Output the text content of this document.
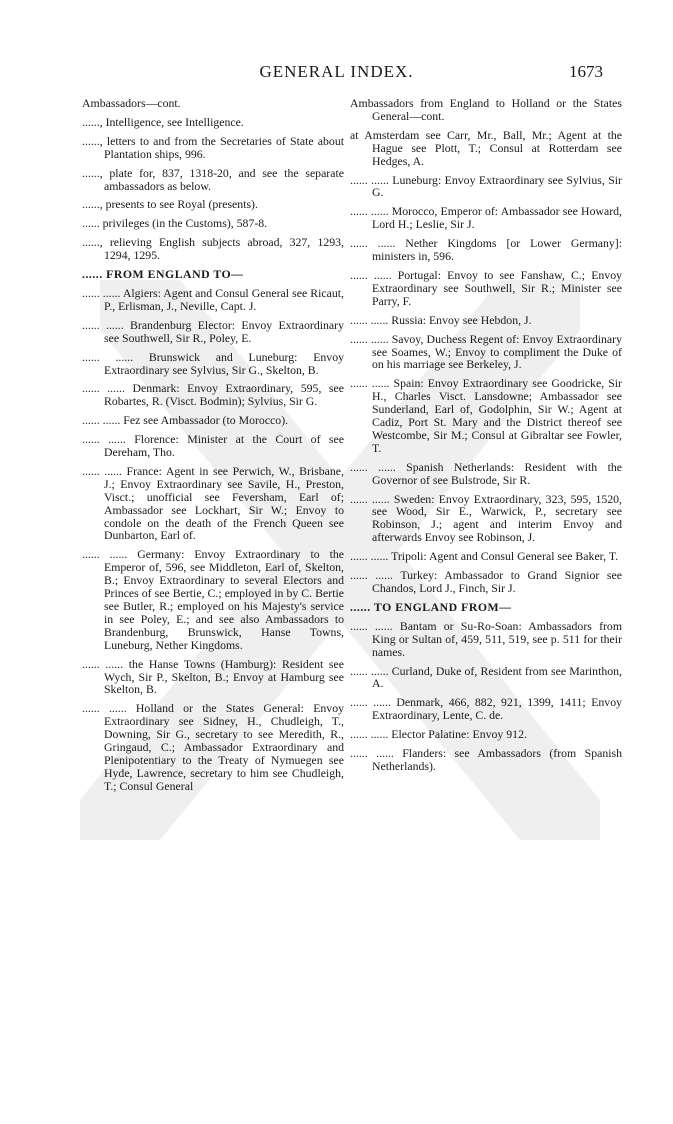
GENERAL INDEX.	1673

Ambassadors—cont.

......, Intelligence, see Intelligence.

......, letters to and from the Secretaries of State about Plantation ships, 996.

......, plate for, 837, 1318-20, and see the separate ambassadors as below.

......, presents to see Royal (presents).

...... privileges (in the Customs), 587-8.

......, relieving English subjects abroad, 327, 1293, 1294, 1295.

...... FROM ENGLAND TO—

...... ...... Algiers: Agent and Consul General see Ricaut, P., Erlisman, J., Neville, Capt. J.

...... ...... Brandenburg Elector: Envoy Extraordinary see Southwell, Sir R., Poley, E.

...... ...... Brunswick and Luneburg: Envoy Extraordinary see Sylvius, Sir G., Skelton, B.

...... ...... Denmark: Envoy Extraordinary, 595, see Robartes, R. (Visct. Bodmin); Sylvius, Sir G.

...... ...... Fez see Ambassador (to Morocco).

...... ...... Florence: Minister at the Court of see Dereham, Tho.

...... ...... France: Agent in see Perwich, W., Brisbane, J.; Envoy Extraordinary see Savile, H., Preston, Visct.; unofficial see Feversham, Earl of; Ambassador see Lockhart, Sir W.; Envoy to condole on the death of the French Queen see Dunbarton, Earl of.

...... ...... Germany: Envoy Extraordinary to the Emperor of, 596, see Middleton, Earl of, Skelton, B.; Envoy Extraordinary to several Electors and Princes of see Bertie, C.; employed in by C. Bertie see Butler, R.; employed on his Majesty's service in see Poley, E.; and see also Ambassadors to Brandenburg, Brunswick, Hanse Towns, Luneburg, Nether Kingdoms.

...... ...... the Hanse Towns (Hamburg): Resident see Wych, Sir P., Skelton, B.; Envoy at Hamburg see Skelton, B.

...... ...... Holland or the States General: Envoy Extraordinary see Sidney, H., Chudleigh, T., Downing, Sir G., secretary to see Meredith, R., Gringaud, C.; Ambassador Extraordinary and Plenipotentiary to the Treaty of Nymuegen see Hyde, Lawrence, secretary to him see Chudleigh, T.; Consul General

Ambassadors from England to Holland or the States General—cont.

at Amsterdam see Carr, Mr., Ball, Mr.; Agent at the Hague see Plott, T.; Consul at Rotterdam see Hedges, A.

...... ...... Luneburg: Envoy Extraordinary see Sylvius, Sir G.

...... ...... Morocco, Emperor of: Ambassador see Howard, Lord H.; Leslie, Sir J.

...... ...... Nether Kingdoms [or Lower Germany]: ministers in, 596.

...... ...... Portugal: Envoy to see Fanshaw, C.; Envoy Extraordinary see Southwell, Sir R.; Minister see Parry, F.

...... ...... Russia: Envoy see Hebdon, J.

...... ...... Savoy, Duchess Regent of: Envoy Extraordinary see Soames, W.; Envoy to compliment the Duke of on his marriage see Berkeley, J.

...... ...... Spain: Envoy Extraordinary see Goodricke, Sir H., Charles Visct. Lansdowne; Ambassador see Sunderland, Earl of, Godolphin, Sir W.; Agent at Cadiz, Port St. Mary and the District thereof see Westcombe, Sir M.; Consul at Gibraltar see Fowler, T.

...... ...... Spanish Netherlands: Resident with the Governor of see Bulstrode, Sir R.

...... ...... Sweden: Envoy Extraordinary, 323, 595, 1520, see Wood, Sir E., Warwick, P., secretary see Robinson, J.; agent and interim Envoy and afterwards Envoy see Robinson, J.

...... ...... Tripoli: Agent and Consul General see Baker, T.

...... ...... Turkey: Ambassador to Grand Signior see Chandos, Lord J., Finch, Sir J.

...... TO ENGLAND FROM—

...... ...... Bantam or Su-Ro-Soan: Ambassadors from King or Sultan of, 459, 511, 519, see p. 511 for their names.

...... ...... Curland, Duke of, Resident from see Marinthon, A.

...... ...... Denmark, 466, 882, 921, 1399, 1411; Envoy Extraordinary, Lente, C. de.

...... ...... Elector Palatine: Envoy 912.

...... ...... Flanders: see Ambassadors (from Spanish Netherlands).
